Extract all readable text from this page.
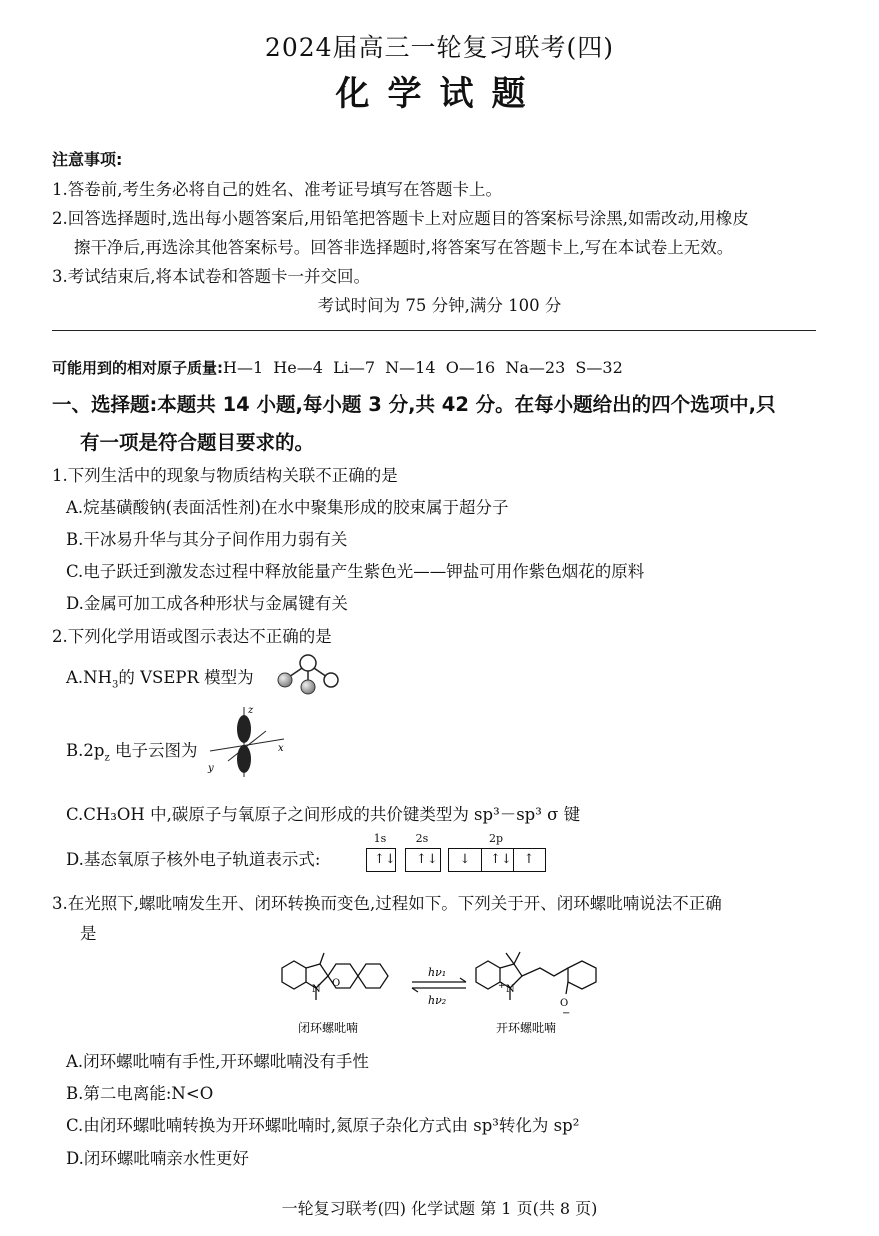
2024届高三一轮复习联考(四)
化学试题
注意事项:
1.答卷前,考生务必将自己的姓名、准考证号填写在答题卡上。
2.回答选择题时,选出每小题答案后,用铅笔把答题卡上对应题目的答案标号涂黑,如需改动,用橡皮
擦干净后,再选涂其他答案标号。回答非选择题时,将答案写在答题卡上,写在本试卷上无效。
3.考试结束后,将本试卷和答题卡一并交回。
考试时间为 75 分钟,满分 100 分
可能用到的相对原子质量:H—1  He—4  Li—7  N—14  O—16  Na—23  S—32
一、选择题:本题共 14 小题,每小题 3 分,共 42 分。在每小题给出的四个选项中,只
有一项是符合题目要求的。
1.下列生活中的现象与物质结构关联不正确的是
A.烷基磺酸钠(表面活性剂)在水中聚集形成的胶束属于超分子
B.干冰易升华与其分子间作用力弱有关
C.电子跃迁到激发态过程中释放能量产生紫色光——钾盐可用作紫色烟花的原料
D.金属可加工成各种形状与金属键有关
2.下列化学用语或图示表达不正确的是
$A.NH_3$的 VSEPR 模型为
$B.2p_z$ 电子云图为
z
x
y
C.CH₃OH 中,碳原子与氧原子之间形成的共价键类型为 sp³－sp³ σ 键
D.基态氧原子核外电子轨道表示式:
1s	2s	2p
↑↓ ↑↓ ↓ ↑↓ ↑
3.在光照下,螺吡喃发生开、闭环转换而变色,过程如下。下列关于开、闭环螺吡喃说法不正确
是
N
O
闭环螺吡喃
hν₁
hν₂
N
+
O
−
开环螺吡喃
A.闭环螺吡喃有手性,开环螺吡喃没有手性
B.第二电离能:N<O
C.由闭环螺吡喃转换为开环螺吡喃时,氮原子杂化方式由 sp³转化为 sp²
D.闭环螺吡喃亲水性更好
一轮复习联考(四) 化学试题 第 1 页(共 8 页)
